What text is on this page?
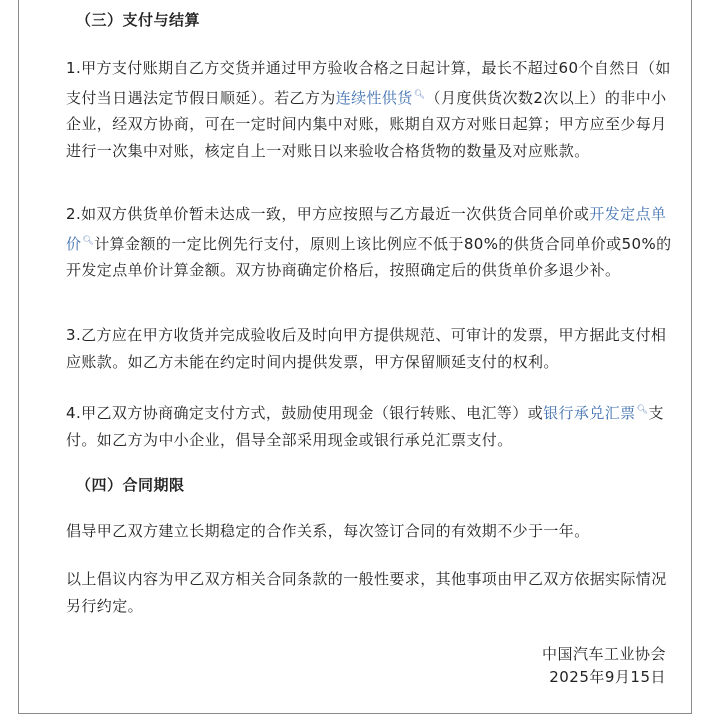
（三）支付与结算
1.甲方支付账期自乙方交货并通过甲方验收合格之日起计算，最长不超过60个自然日（如支付当日遇法定节假日顺延）。若乙方为连续性供货🔍︎（月度供货次数2次以上）的非中小企业，经双方协商，可在一定时间内集中对账，账期自双方对账日起算；甲方应至少每月进行一次集中对账，核定自上一对账日以来验收合格货物的数量及对应账款。
2.如双方供货单价暂未达成一致，甲方应按照与乙方最近一次供货合同单价或开发定点单价🔍︎计算金额的一定比例先行支付，原则上该比例应不低于80%的供货合同单价或50%的开发定点单价计算金额。双方协商确定价格后，按照确定后的供货单价多退少补。
3.乙方应在甲方收货并完成验收后及时向甲方提供规范、可审计的发票，甲方据此支付相应账款。如乙方未能在约定时间内提供发票，甲方保留顺延支付的权利。
4.甲乙双方协商确定支付方式，鼓励使用现金（银行转账、电汇等）或银行承兑汇票🔍︎支付。如乙方为中小企业，倡导全部采用现金或银行承兑汇票支付。
（四）合同期限
倡导甲乙双方建立长期稳定的合作关系，每次签订合同的有效期不少于一年。
以上倡议内容为甲乙双方相关合同条款的一般性要求，其他事项由甲乙双方依据实际情况另行约定。
中国汽车工业协会
2025年9月15日
